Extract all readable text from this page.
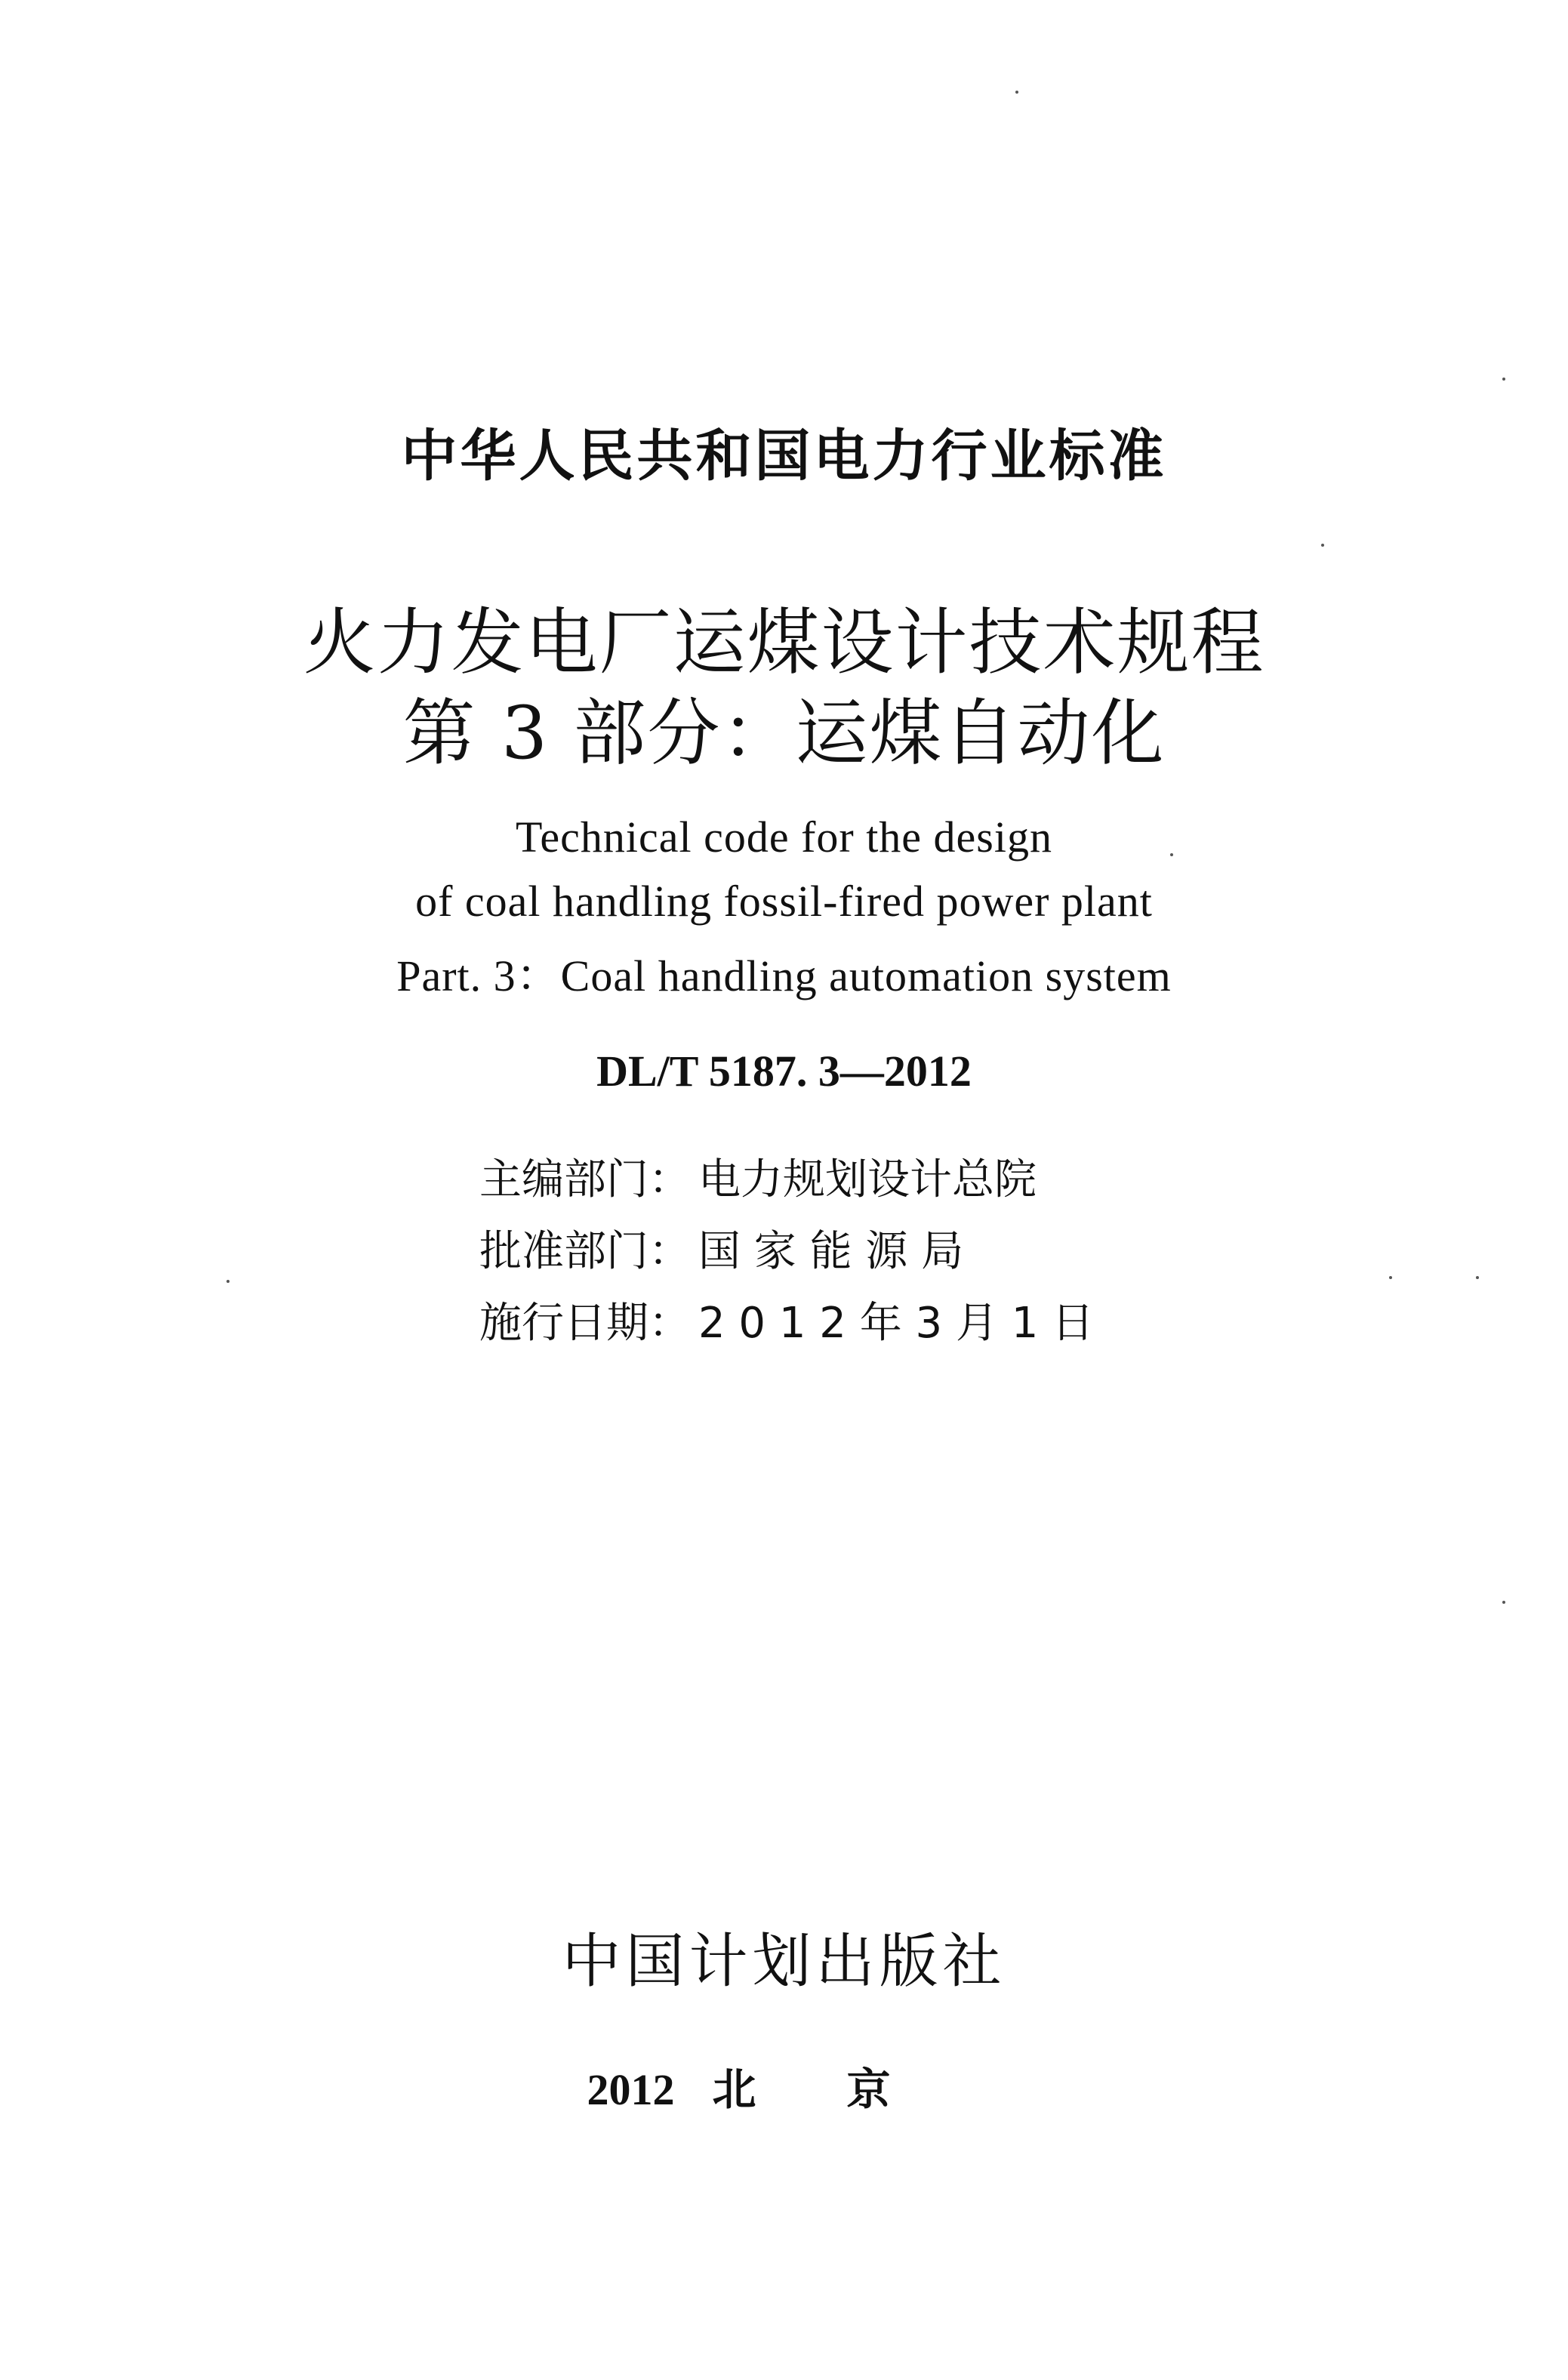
中华人民共和国电力行业标准

火力发电厂运煤设计技术规程

第 3 部分：运煤自动化

Technical code for the design

of coal handling fossil-fired power plant

Part. 3：Coal handling automation system

DL/T 5187. 3—2012

主编部门： 电力规划设计总院
批准部门： 国 家 能 源 局
施行日期： 2 0 1 2 年 3 月 1 日

中国计划出版社

2012 北京
